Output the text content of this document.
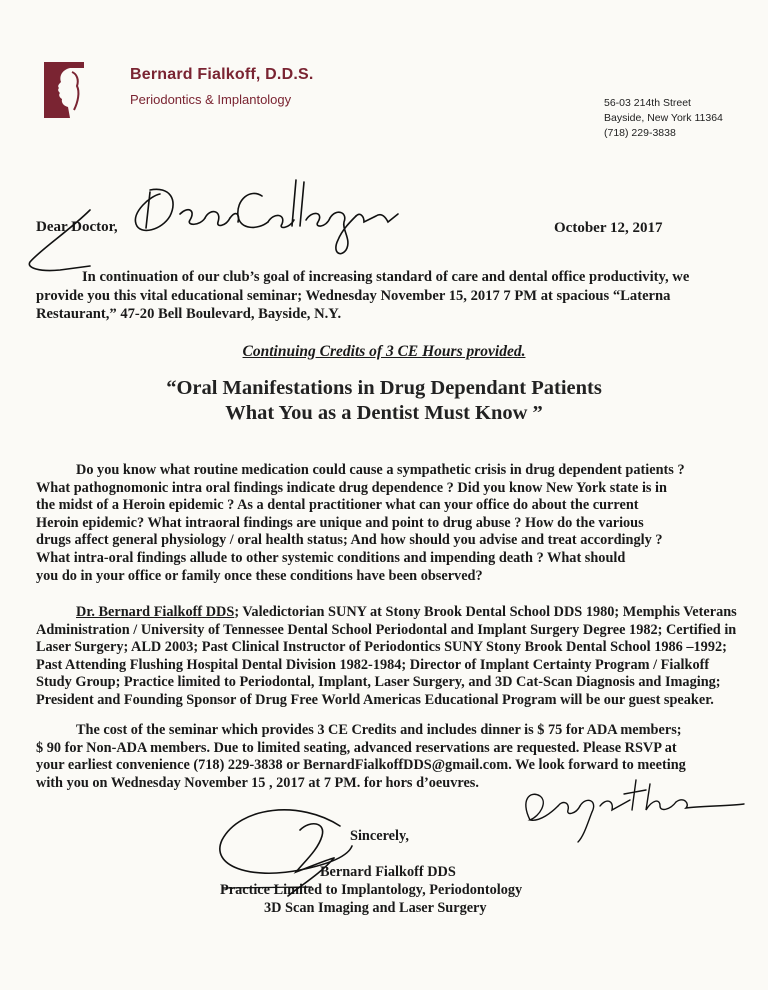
Bernard Fialkoff, D.D.S.
Periodontics & Implantology	56-03 214th Street
Bayside, New York 11364
(718) 229-3838
Dear Doctor,	October 12, 2017
In continuation of our club’s goal of increasing standard of care and dental office productivity, we
provide you this vital educational seminar; Wednesday November 15, 2017 7 PM at spacious “Laterna
Restaurant,” 47-20 Bell Boulevard, Bayside, N.Y.
Continuing Credits of 3 CE Hours provided.
“Oral Manifestations in Drug Dependant Patients
What You as a Dentist Must Know ”
Do you know what routine medication could cause a sympathetic crisis in drug dependent patients ?
What pathognomonic intra oral findings indicate drug dependence ? Did you know New York state is in
the midst of a Heroin epidemic ? As a dental practitioner what can your office do about the current
Heroin epidemic? What intraoral findings are unique and point to drug abuse ? How do the various
drugs affect general physiology / oral health status; And how should you advise and treat accordingly ?
What intra-oral findings allude to other systemic conditions and impending death ? What should
you do in your office or family once these conditions have been observed?
Dr. Bernard Fialkoff DDS; Valedictorian SUNY at Stony Brook Dental School DDS 1980; Memphis Veterans
Administration / University of Tennessee Dental School Periodontal and Implant Surgery Degree 1982; Certified in
Laser Surgery; ALD 2003; Past Clinical Instructor of Periodontics SUNY Stony Brook Dental School 1986 –1992;
Past Attending Flushing Hospital Dental Division 1982-1984; Director of Implant Certainty Program / Fialkoff
Study Group; Practice limited to Periodontal, Implant, Laser Surgery, and 3D Cat-Scan Diagnosis and Imaging;
President and Founding Sponsor of Drug Free World Americas Educational Program will be our guest speaker.
The cost of the seminar which provides 3 CE Credits and includes dinner is $ 75 for ADA members;
$ 90 for Non-ADA members. Due to limited seating, advanced reservations are requested. Please RSVP at
your earliest convenience (718) 229-3838 or BernardFialkoffDDS@gmail.com. We look forward to meeting
with you on Wednesday November 15 , 2017 at 7 PM. for hors d’oeuvres.
Sincerely,
Bernard Fialkoff DDS
Practice Limited to Implantology, Periodontology
3D Scan Imaging and Laser Surgery
